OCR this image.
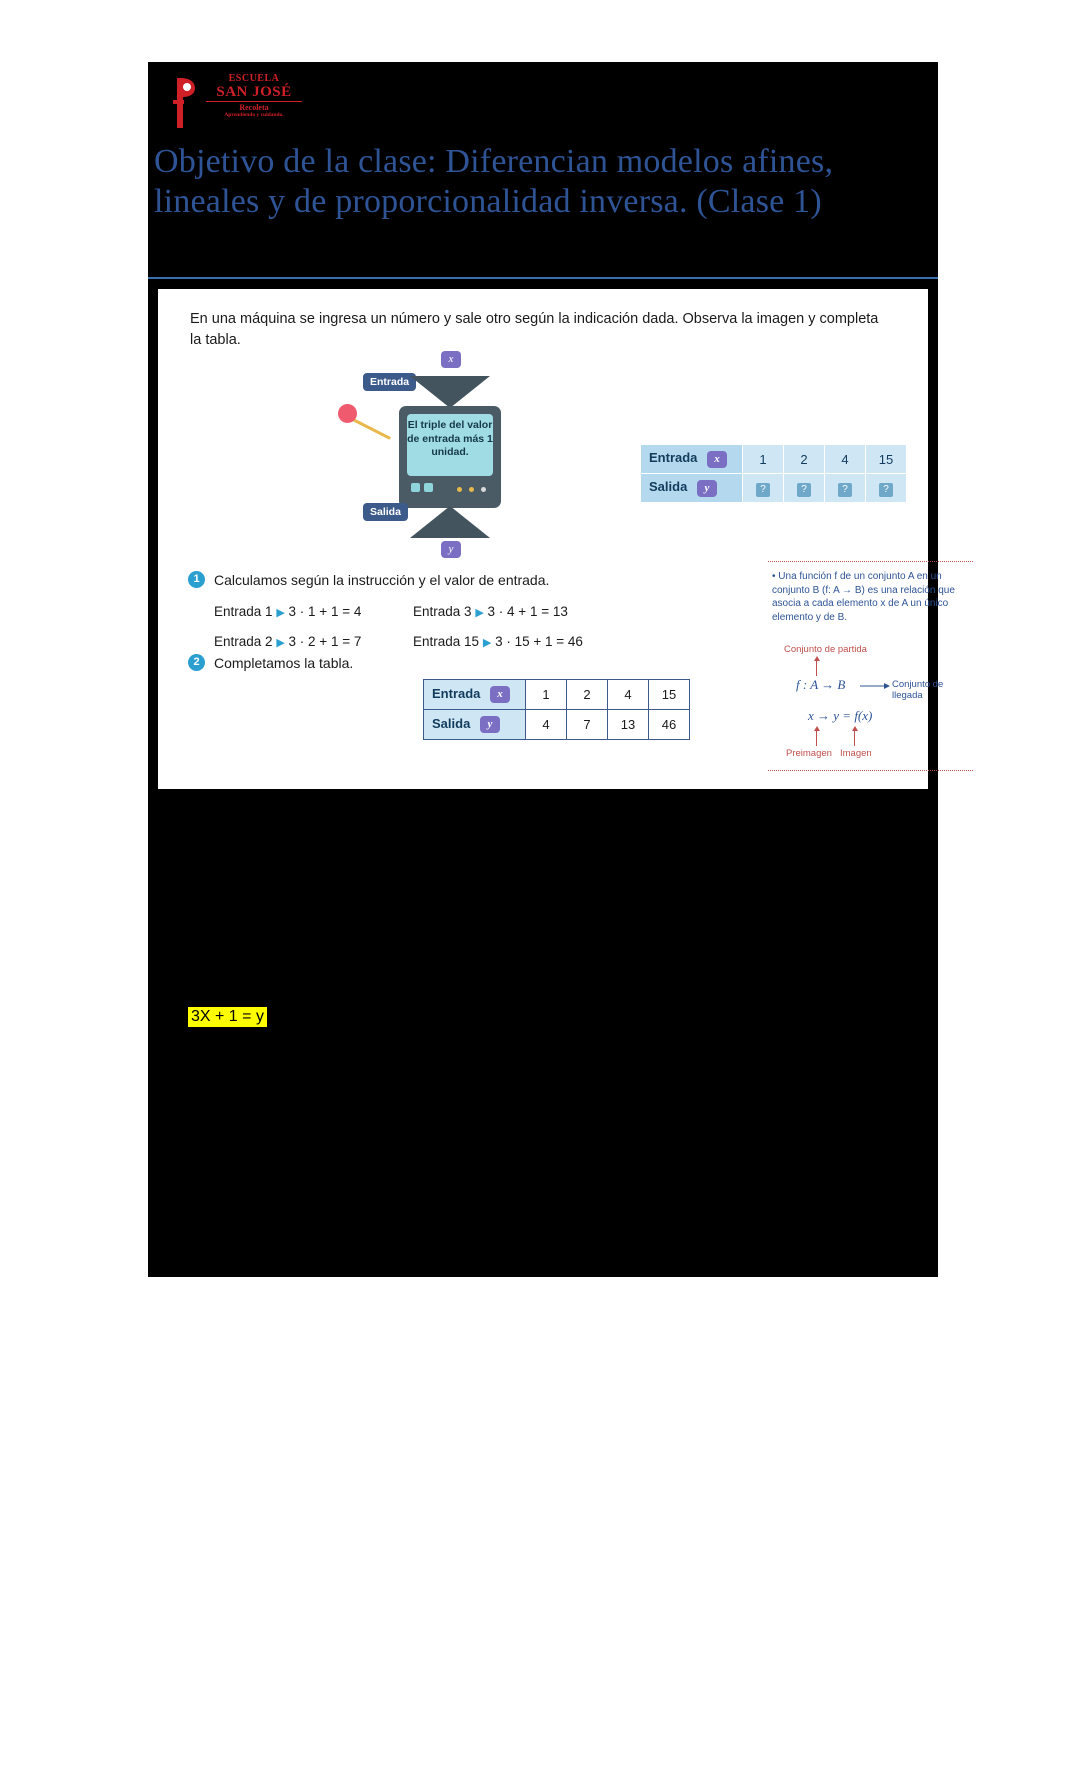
ESCUELA
SAN JOSÉ
Recoleta
Aprendiendo y cuidando.
Objetivo de la clase: Diferencian modelos afines, lineales y de proporcionalidad inversa. (Clase 1)
En una máquina se ingresa un número y sale otro según la indicación dada. Observa la imagen y completa la tabla.
x
Entrada
El triple del valor de entrada más 1 unidad.
Salida
y
Entrada x	1	2	4	15
Salida y	?	?	?	?
1	Calculamos según la instrucción y el valor de entrada.
Entrada 1 ▶ 3 · 1 + 1 = 4	Entrada 3 ▶ 3 · 4 + 1 = 13
Entrada 2 ▶ 3 · 2 + 1 = 7	Entrada 15 ▶ 3 · 15 + 1 = 46
2	Completamos la tabla.
Entrada x	1	2	4	15
Salida y	4	7	13	46
• Una función f de un conjunto A en un conjunto B (f: A → B) es una relación que asocia a cada elemento x de A un único elemento y de B.
Conjunto de partida
f : A → B	Conjunto de llegada
x → y = f(x)
Preimagen Imagen
3X + 1 = y
